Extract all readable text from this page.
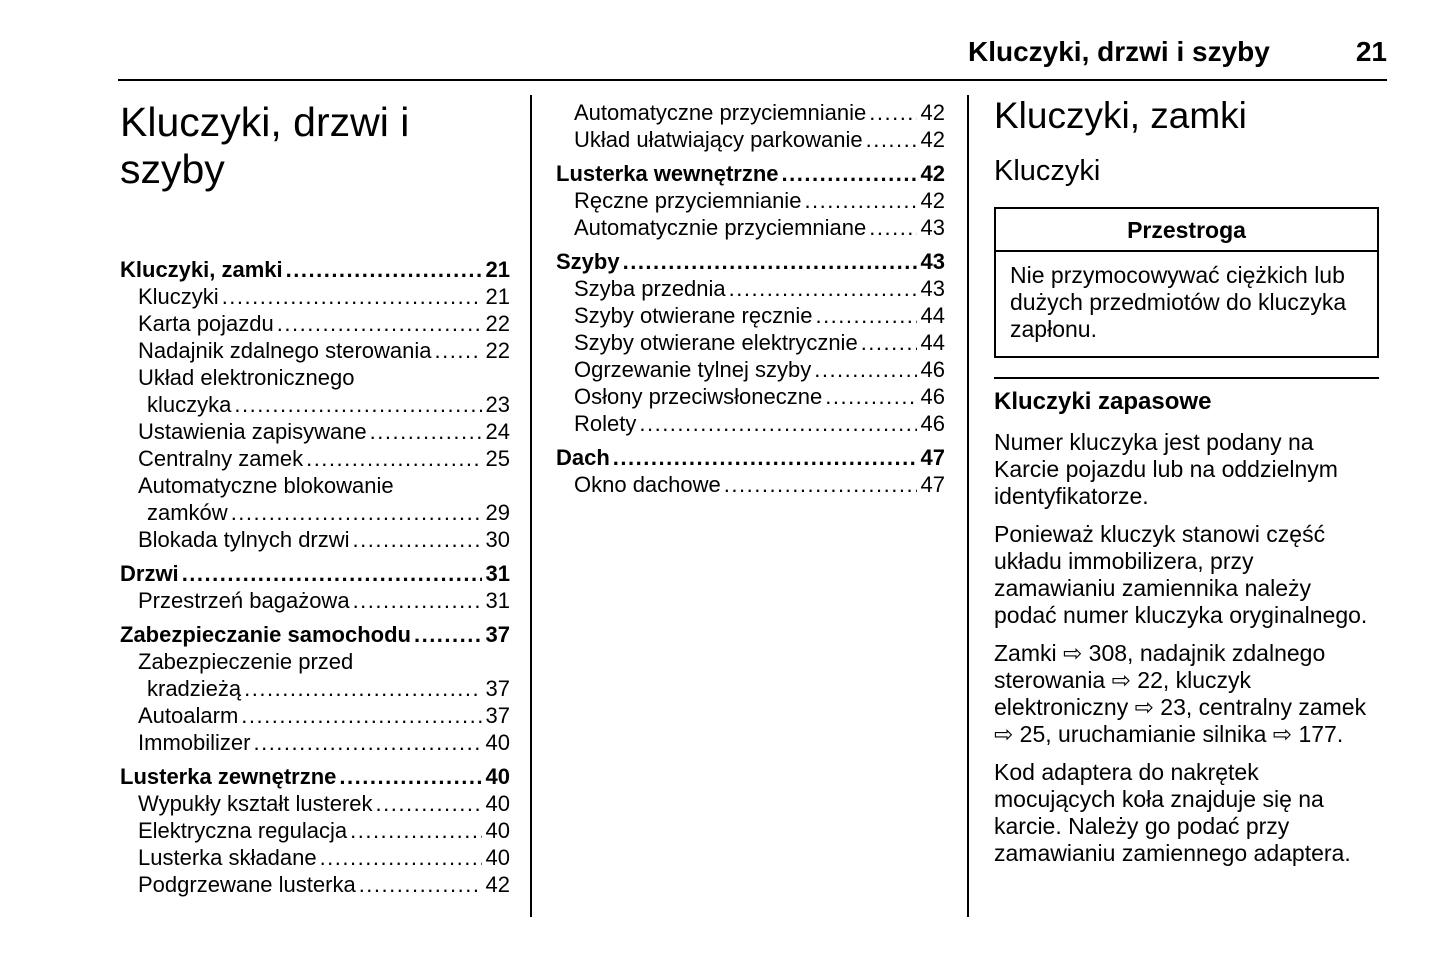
Kluczyki, drzwi i szyby	21
Kluczyki, drzwi i szyby
Kluczyki, zamki .....	21
Kluczyki .....	21
Karta pojazdu .....	22
Nadajnik zdalnego sterowania ..... 22
Układ elektronicznego
kluczyka .....	23
Ustawienia zapisywane .....	24
Centralny zamek .....	25
Automatyczne blokowanie
zamków .....	29
Blokada tylnych drzwi .....	30
Drzwi .....	31
Przestrzeń bagażowa .....	31
Zabezpieczanie samochodu .....	37
Zabezpieczenie przed
kradzieżą .....	37
Autoalarm .....	37
Immobilizer .....	40
Lusterka zewnętrzne .....	40
Wypukły kształt lusterek .....	40
Elektryczna regulacja .....	40
Lusterka składane .....	40
Podgrzewane lusterka .....	42
Automatyczne przyciemnianie ..... 42
Układ ułatwiający parkowanie .....	42
Lusterka wewnętrzne .....	42
Ręczne przyciemnianie .....	42
Automatycznie przyciemniane ..... 43
Szyby .....	43
Szyba przednia .....	43
Szyby otwierane ręcznie .....	44
Szyby otwierane elektrycznie .....	44
Ogrzewanie tylnej szyby .....	46
Osłony przeciwsłoneczne .....	46
Rolety .....	46
Dach .....	47
Okno dachowe .....	47
Kluczyki, zamki
Kluczyki
Przestroga
Nie przymocowywać ciężkich lub dużych przedmiotów do kluczyka zapłonu.
Kluczyki zapasowe

Numer kluczyka jest podany na Karcie pojazdu lub na oddzielnym identyfikatorze.

Ponieważ kluczyk stanowi część układu immobilizera, przy zamawianiu zamiennika należy podać numer kluczyka oryginalnego.

Zamki ⇨ 308, nadajnik zdalnego sterowania ⇨ 22, kluczyk elektroniczny ⇨ 23, centralny zamek ⇨ 25, uruchamianie silnika ⇨ 177.

Kod adaptera do nakrętek mocujących koła znajduje się na karcie. Należy go podać przy zamawianiu zamiennego adaptera.
